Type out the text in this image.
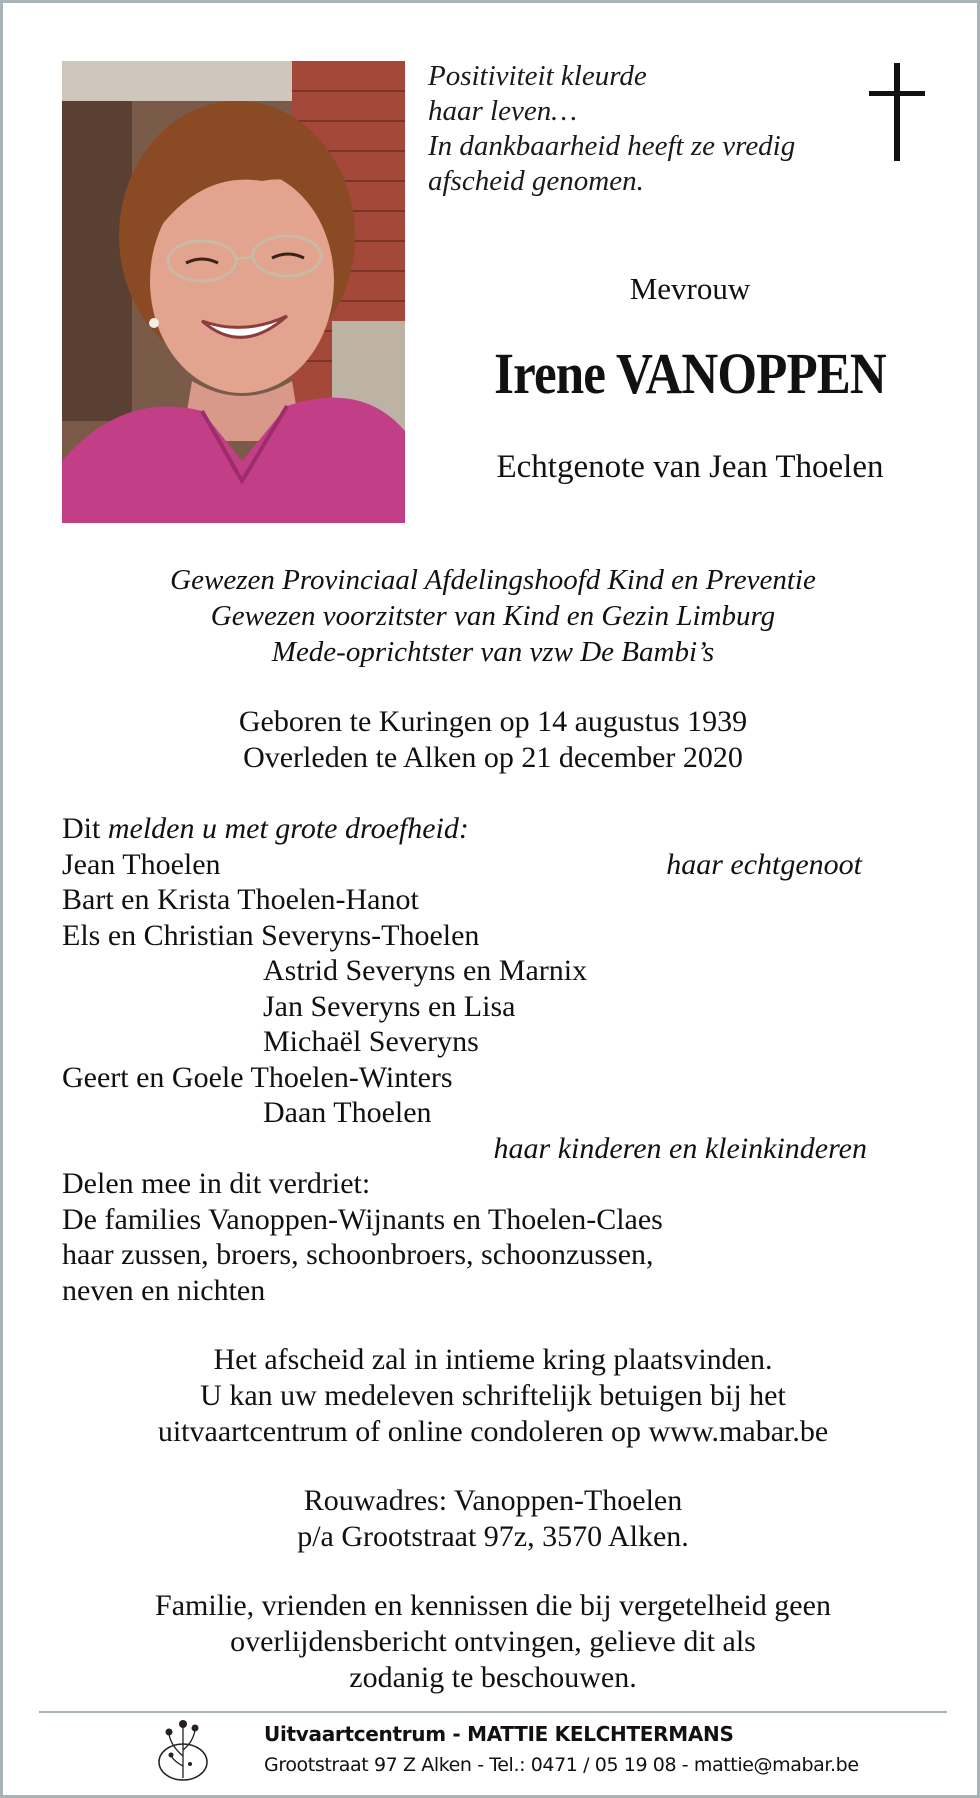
Positiviteit kleurde
haar leven…
In dankbaarheid heeft ze vredig
afscheid genomen.
Mevrouw
Irene VANOPPEN
Echtgenote van Jean Thoelen
Gewezen Provinciaal Afdelingshoofd Kind en Preventie
Gewezen voorzitster van Kind en Gezin Limburg
Mede-oprichtster van vzw De Bambi’s
Geboren te Kuringen op 14 augustus 1939
Overleden te Alken op 21 december 2020
Dit melden u met grote droefheid:
Jean Thoelen	haar echtgenoot
Bart en Krista Thoelen-Hanot
Els en Christian Severyns-Thoelen
Astrid Severyns en Marnix
Jan Severyns en Lisa
Michaël Severyns
Geert en Goele Thoelen-Winters
Daan Thoelen
haar kinderen en kleinkinderen
Delen mee in dit verdriet:
De families Vanoppen-Wijnants en Thoelen-Claes
haar zussen, broers, schoonbroers, schoonzussen,
neven en nichten
Het afscheid zal in intieme kring plaatsvinden.
U kan uw medeleven schriftelijk betuigen bij het
uitvaartcentrum of online condoleren op www.mabar.be
Rouwadres: Vanoppen-Thoelen
p/a Grootstraat 97z, 3570 Alken.
Familie, vrienden en kennissen die bij vergetelheid geen
overlijdensbericht ontvingen, gelieve dit als
zodanig te beschouwen.
Uitvaartcentrum - MATTIE KELCHTERMANS
Grootstraat 97 Z Alken - Tel.: 0471 / 05 19 08 - mattie@mabar.be
